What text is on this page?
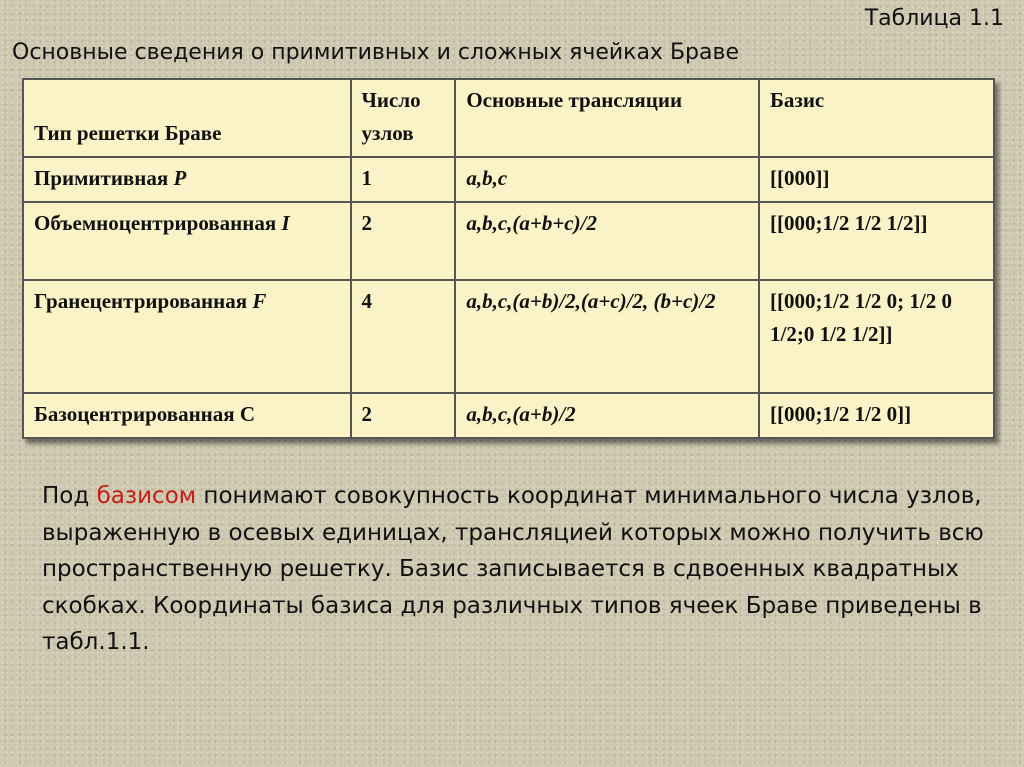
Таблица 1.1
Основные сведения о примитивных и сложных ячейках Браве
Тип решетки Браве	Число узлов	Основные трансляции	Базис
Примитивная P	1	a,b,c	[[000]]
Объемноцентрированная I	2	a,b,c,(a+b+c)/2	[[000;1/2 1/2 1/2]]
Гранецентрированная F	4	a,b,c,(a+b)/2,(a+c)/2, (b+c)/2	[[000;1/2 1/2 0; 1/2 0 1/2;0 1/2 1/2]]
Базоцентрированная С	2	a,b,c,(a+b)/2	[[000;1/2 1/2 0]]
Под базисом понимают совокупность координат минимального числа узлов, выраженную в осевых единицах, трансляцией которых можно получить всю пространственную решетку. Базис записывается в сдвоенных квадратных скобках. Координаты базиса для различных типов ячеек Браве приведены в табл.1.1.
